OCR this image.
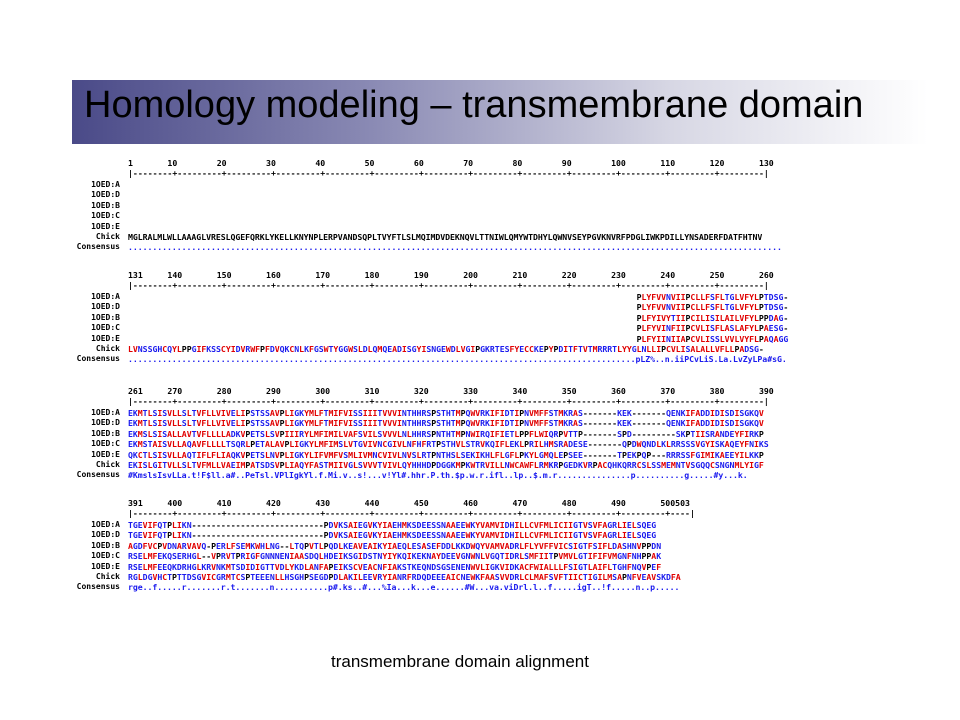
Homology modeling – transmembrane domain
1       10        20        30        40        50        60        70        80        90        100       110       120       130
|--------+---------+---------+---------+---------+---------+---------+---------+---------+---------+---------+---------+---------|
1OED:A
1OED:D
1OED:B
1OED:C
1OED:E
Chick MGLRALMLWLLAAAGLVRESLQGEFQRKLYKELLKNYNPLERPVANDSQPLTVYFTLSLMQIMDVDEKNQVLTTNIWLQMYWTDHYLQWNVSEYPGVKNVRFPDGLIWKPDILLYNSADERFDATFHTNV
Consensus ......................................................................................................................................
131     140       150       160       170       180       190       200       210       220       230       240       250       260
|--------+---------+---------+---------+---------+---------+---------+---------+---------+---------+---------+---------+---------|
1OED:A	PLYFVVNVIIPCLLFSFLTGLVFYLPTDSG-
1OED:D	PLYFVVNVIIPCLLFSFLTGLVFYLPTDSG-
1OED:B	PLFYIVYTIIPCILISILAILVFYLPPDAG-
1OED:C	PLFYVINFIIPCVLISFLASLAFYLPAESG-
1OED:E	PLFYIINIIAPCVLISSLVVLVYFLPAQAGG
Chick LVNSSGHCQYLPPGIFKSSCYIDVRWFPFDVQKCNLKFGSWTYGGWSLDLQMQEADISGYISNGEWDLVGIPGKRTESFYECCKEPYPDITFTVTMRRRTLYYGLNLLIPCVLISALALLVFLLPADSG-
Consensus ........................................................................................................pLZ%..n.iiPCvLiS.La.LvZyLPa#sG.
261     270       280       290       300       310       320       330       340       350       360       370       380       390
|--------+---------+---------+---------+---------+---------+---------+---------+---------+---------+---------+---------+---------|
1OED:A EKMTLSISVLLSLTVFLLVIVELIPSTSSAVPLIGKYMLFTMIFVISSIIITVVVINTHHRSPSTHTMPQWVRKIFIDTIPNVMFFSTMKRAS-------KEK-------QENKIFADDIDISDISGKQV
1OED:D EKMTLSISVLLSLTVFLLVIVELIPSTSSAVPLIGKYMLFTMIFVISSIIITVVVINTHHRSPSTHTMPQWVRKIFIDTIPNVMFFSTMKRAS-------KEK-------QENKIFADDIDISDISGKQV
1OED:B EKMSLSISALLAVTVFLLLLADKVPETSLSVPIIIRYLMFIMILVAFSVILSVVVLNLHHRSPNTHTMPNWIRQIFIETLPPFLWIQRPVTTP-------SPD---------SKPTIISRANDEYFIRKP
1OED:C EKMSTAISVLLAQAVFLLLLTSQRLPETALAVPLIGKYLMFIMSLVTGVIVNCGIVLNFHFRTPSTHVLSTRVKQIFLEKLPRILHMSRADESE-------QPDWQNDLKLRRSSSVGYISKAQEYFNIKS
1OED:E QKCTLSISVLLAQTIFLFLIAQKVPETSLNVPLIGKYLIFVMFVSMLIVMNCVIVLNVSLRTPNTHSLSEKIKHLFLGFLPKYLGMQLEPSEE-------TPEKPQP---RRRSSFGIMIKAEEYILKKP
Chick EKISLGITVLLSLTVFMLLVAEIMPATSDSVPLIAQYFASTMIIVGLSVVVTVIVLQYHHHDPDGGKMPKWTRVILLNWCAWFLRMKRPGEDKVRPACQHKQRRCSLSSMEMNTVSGQQCSNGNMLYIGF
Consensus #KmslsIsvLLa.t!F$ll.a#..PeTsl.VPlIgkYl.f.Mi.v..s!...v!Yl#.hhr.P.th.$p.w.r.ifl..lp..$.m.r...............p..........g.....#y...k.
391     400       410       420       430       440       450       460       470       480       490       500503
|--------+---------+---------+---------+---------+---------+---------+---------+---------+---------+---------+----|
1OED:A TGEVIFQTPLIKN---------------------------PDVKSAIEGVKYIAEHMKSDEESSNAAEEWKYVAMVIDHILLCVFMLICIIGTVSVFAGRLIELSQEG
1OED:D TGEVIFQTPLIKN---------------------------PDVKSAIEGVKYIAEHMKSDEESSNAAEEWKYVAMVIDHILLCVFMLICIIGTVSVFAGRLIELSQEG
1OED:B AGDFVCPVDNARVAVQ-PERLFSEMKWHLNG--LTQPVTLPQDLKEAVEAIKYIAEQLESASEFDDLKKDWQYVAMVADRLFLYVFFVICSIGTFSIFLDASHNVPPDN
1OED:C RSELMFEKQSERHGL--VPRVTPRIGFGNNNENIAASDQLHDEIKSGIDSTNYIYKQIKEKNAYDEEVGNWNLVGQTIDRLSMFIITPVMVLGTIFIFVMGNFNHPPAK
1OED:E RSELMFEEQKDRHGLKRVNKMTSDIDIGTTVDLYKDLANFAPEIKSCVEACNFIAKSTKEQNDSGSENENWVLIGKVIDKACFWIALLLFSIGTLAIFLTGHFNQVPEF
Chick RGLDGVHCTPTTDSGVICGRMTCSPTEEENLLHSGHPSEGDPDLAKILEEVRYIANRFRDQDEEEAICNEWKFAASVVDRLCLMAFSVFTIICTIGILMSAPNFVEAVSKDFA
Consensus rge..f.....r.......r.t.......n...........p#.ks..#...%Ia...k...e......#W...va.viDrl.l..f.....igT..!f.....n..p.....
transmembrane domain alignment
